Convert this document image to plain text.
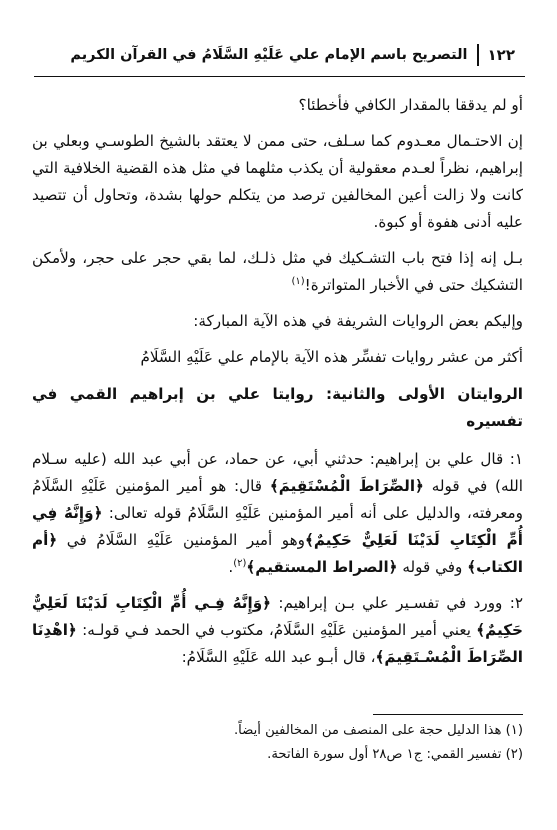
١٢٢
التصريح باسم الإمام علي عَلَيْهِ السَّلَامُ في القرآن الكريم

أو لم يدققا بالمقدار الكافي فأخطئا؟

إن الاحتـمال معـدوم كما سـلف، حتى ممن لا يعتقد بالشيخ الطوسـي وبعلي بن إبراهيم، نظراً لعـدم معقولية أن يكذب مثلهما في مثل هذه القضية الخلافية التي كانت ولا زالت أعين المخالفين ترصد من يتكلم حولها بشدة، وتحاول أن تتصيد عليه أدنى هفوة أو كبوة.

بـل إنه إذا فتح باب التشـكيك في مثل ذلـك، لما بقي حجر على حجر، ولأمكن التشكيك حتى في الأخبار المتواترة!$^{(١)}$

وإليكم بعض الروايات الشريفة في هذه الآية المباركة:

أكثر من عشر روايات تفسِّر هذه الآية بالإمام علي عَلَيْهِ السَّلَامُ

الروايتان الأولى والثانية: روايتا علي بن إبراهيم القمي في تفسيره

١: قال علي بن إبراهيم: حدثني أبي، عن حماد، عن أبي عبد الله (عليه سـلام الله) في قوله ﴿الصِّرَاطَ الْمُسْتَقِيمَ﴾ قال: هو أمير المؤمنين عَلَيْهِ السَّلَامُ ومعرفته، والدليل على أنه أمير المؤمنين عَلَيْهِ السَّلَامُ قوله تعالى: ﴿وَإِنَّهُ فِي أُمِّ الْكِتَابِ لَدَيْنَا لَعَلِيٌّ حَكِيمٌ﴾وهو أمير المؤمنين عَلَيْهِ السَّلَامُ في ﴿أم الكتاب﴾ وفي قوله ﴿الصراط المستقيم﴾$^{(٢)}$.

٢: وورد في تفسـير علي بـن إبراهيم: ﴿وَإِنَّهُ فِـي أُمِّ الْكِتَابِ لَدَيْنَا لَعَلِيٌّ حَكِيمٌ﴾ يعني أمير المؤمنين عَلَيْهِ السَّلَامُ، مكتوب في الحمد فـي قولـه: ﴿اهْدِنَا الصِّرَاطَ الْمُسْـتَقِيمَ﴾، قال أبـو عبد الله عَلَيْهِ السَّلَامُ:

(١) هذا الدليل حجة على المنصف من المخالفين أيضاً.
(٢) تفسير القمي: ج١ ص٢٨ أول سورة الفاتحة.
